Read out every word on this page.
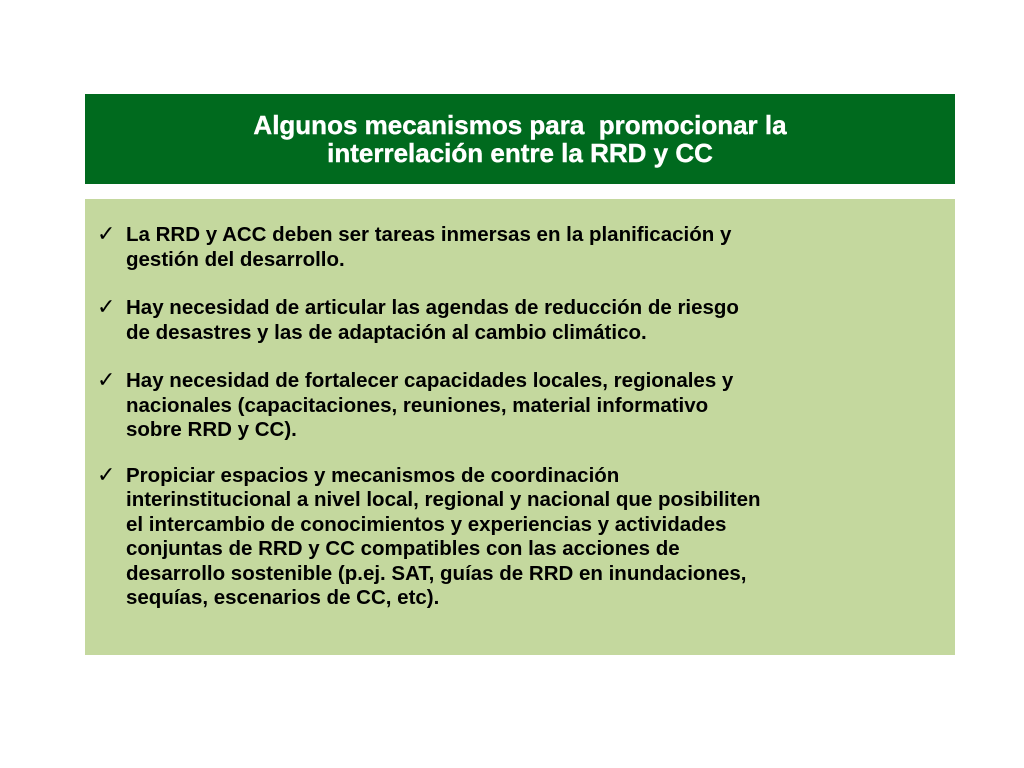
Algunos mecanismos para  promocionar la
interrelación entre la RRD y CC
✓ La RRD y ACC deben ser tareas inmersas en la planificación y
gestión del desarrollo.
✓ Hay necesidad de articular las agendas de reducción de riesgo
de desastres y las de adaptación al cambio climático.
✓ Hay necesidad de fortalecer capacidades locales, regionales y
nacionales (capacitaciones, reuniones, material informativo
sobre RRD y CC).
✓ Propiciar espacios y mecanismos de coordinación
interinstitucional a nivel local, regional y nacional que posibiliten
el intercambio de conocimientos y experiencias y actividades
conjuntas de RRD y CC compatibles con las acciones de
desarrollo sostenible (p.ej. SAT, guías de RRD en inundaciones,
sequías, escenarios de CC, etc).
